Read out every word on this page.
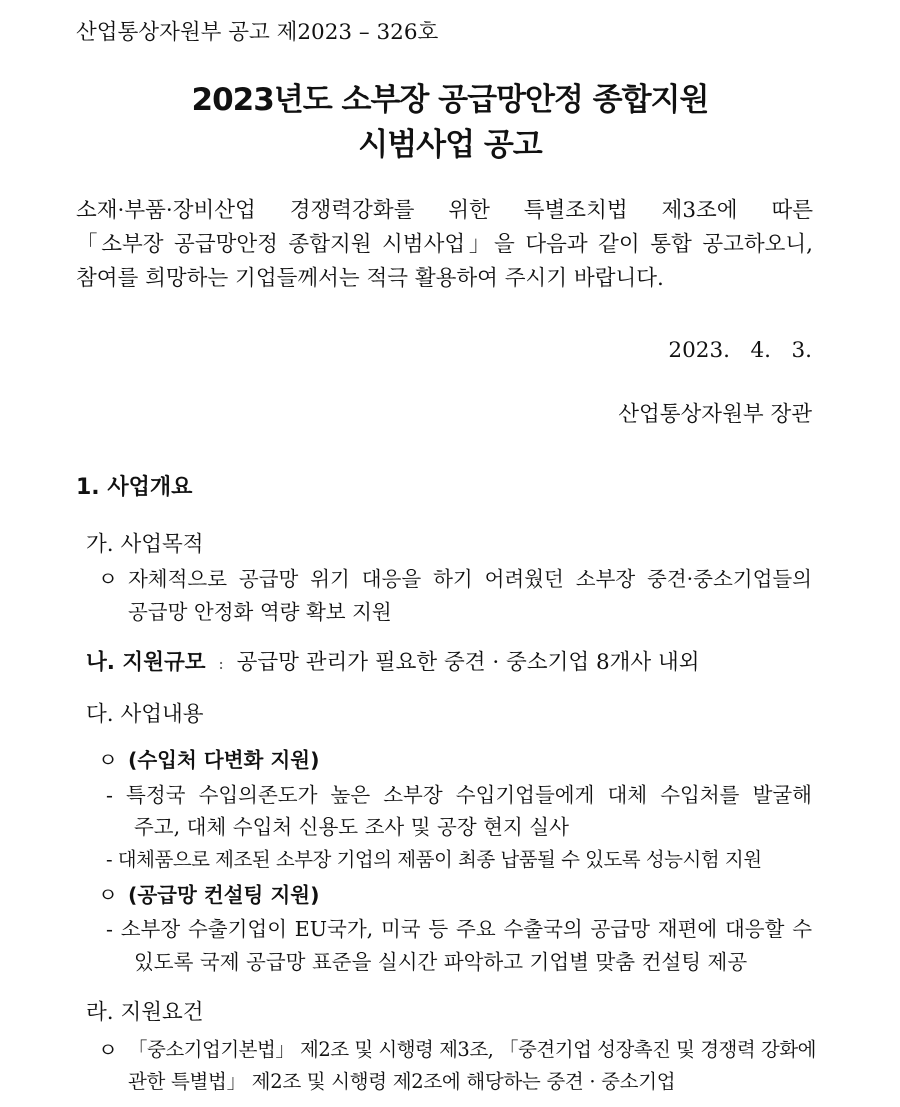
산업통상자원부 공고 제2023 – 326호
2023년도 소부장 공급망안정 종합지원
시범사업 공고
소재·부품·장비산업 경쟁력강화를 위한 특별조치법 제3조에 따른
「소부장 공급망안정 종합지원 시범사업」을 다음과 같이 통합 공고하오니,
참여를 희망하는 기업들께서는 적극 활용하여 주시기 바랍니다.
2023.   4.   3.
산업통상자원부 장관
1. 사업개요
가. 사업목적
ㅇ 자체적으로 공급망 위기 대응을 하기 어려웠던 소부장 중견·중소기업들의
공급망 안정화 역량 확보 지원
나. 지원규모 : 공급망 관리가 필요한 중견 · 중소기업 8개사 내외
다. 사업내용
ㅇ (수입처 다변화 지원)
- 특정국 수입의존도가 높은 소부장 수입기업들에게 대체 수입처를 발굴해
주고, 대체 수입처 신용도 조사 및 공장 현지 실사
- 대체품으로 제조된 소부장 기업의 제품이 최종 납품될 수 있도록 성능시험 지원
ㅇ (공급망 컨설팅 지원)
- 소부장 수출기업이 EU국가, 미국 등 주요 수출국의 공급망 재편에 대응할 수
있도록 국제 공급망 표준을 실시간 파악하고 기업별 맞춤 컨설팅 제공
라. 지원요건
ㅇ 「중소기업기본법」 제2조 및 시행령 제3조, 「중견기업 성장촉진 및 경쟁력 강화에
관한 특별법」 제2조 및 시행령 제2조에 해당하는 중견 · 중소기업
